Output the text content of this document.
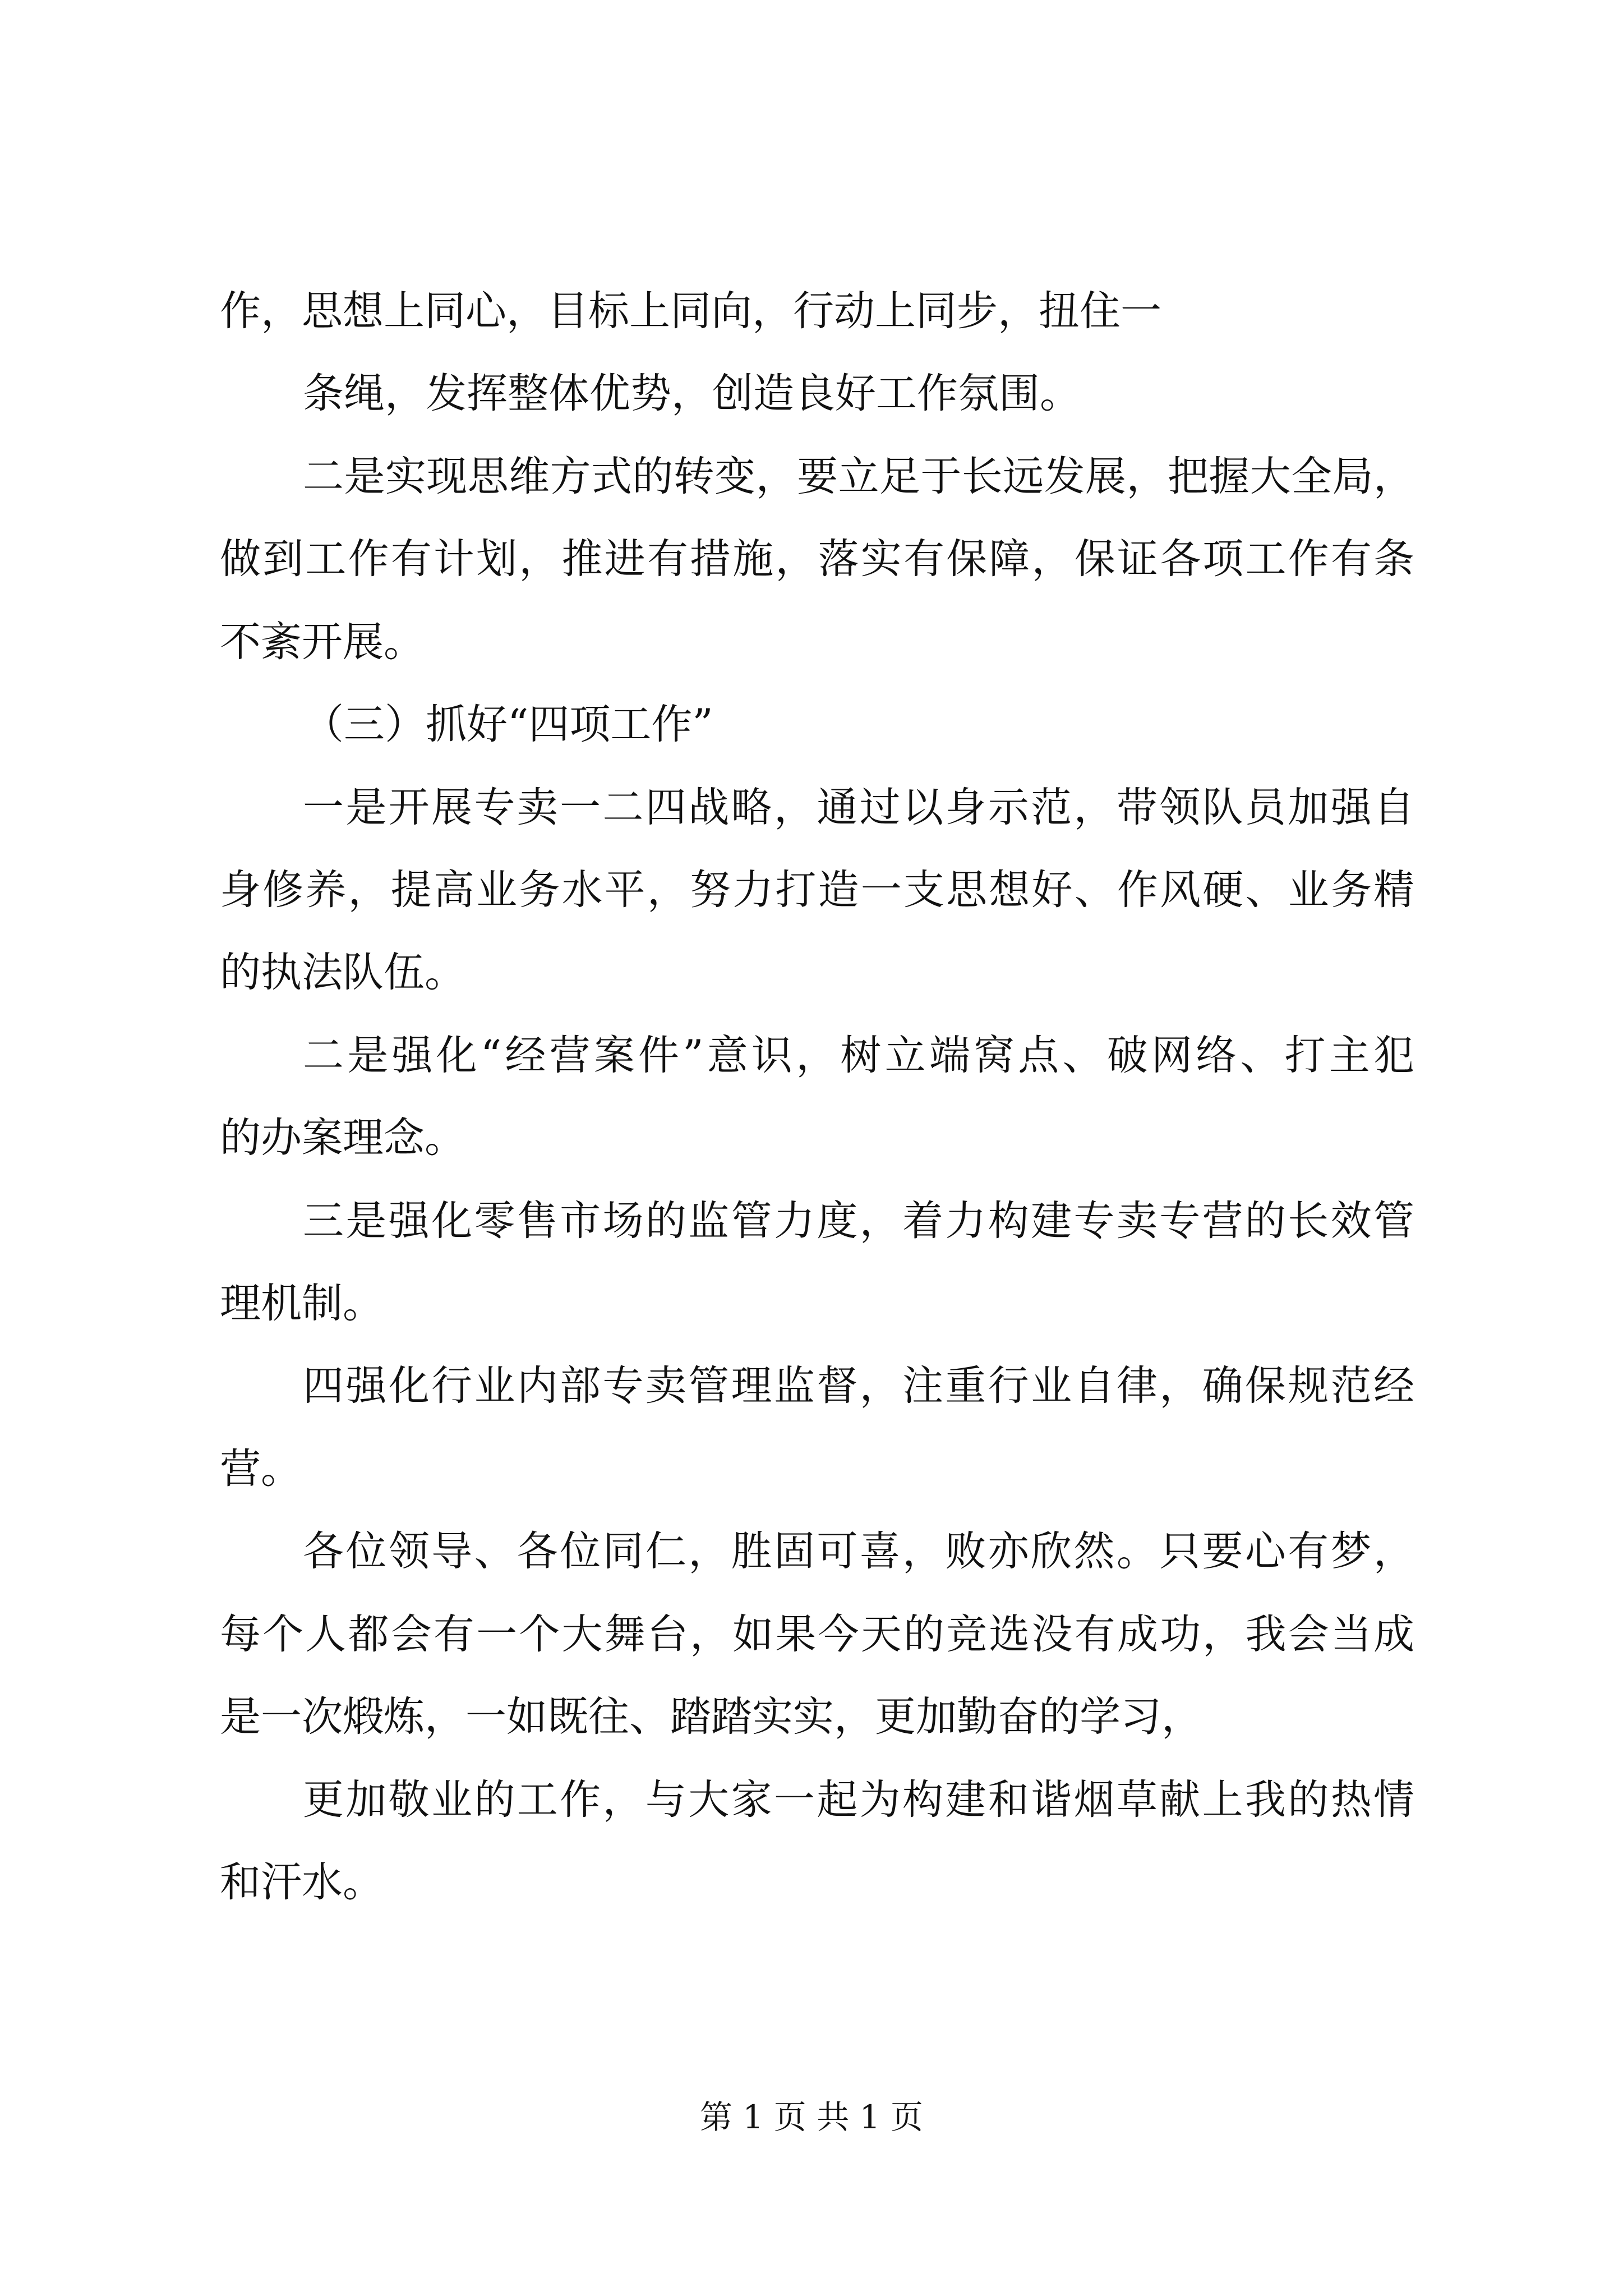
作，思想上同心，目标上同向，行动上同步，扭住一
条绳，发挥整体优势，创造良好工作氛围。
二是实现思维方式的转变，要立足于长远发展，把握大全局，
做到工作有计划，推进有措施，落实有保障，保证各项工作有条
不紊开展。
（三）抓好“四项工作”
一是开展专卖一二四战略，通过以身示范，带领队员加强自
身修养，提高业务水平，努力打造一支思想好、作风硬、业务精
的执法队伍。
二是强化“经营案件”意识，树立端窝点、破网络、打主犯
的办案理念。
三是强化零售市场的监管力度，着力构建专卖专营的长效管
理机制。
四强化行业内部专卖管理监督，注重行业自律，确保规范经
营。
各位领导、各位同仁，胜固可喜，败亦欣然。只要心有梦，
每个人都会有一个大舞台，如果今天的竞选没有成功，我会当成
是一次煅炼，一如既往、踏踏实实，更加勤奋的学习，
更加敬业的工作，与大家一起为构建和谐烟草献上我的热情
和汗水。
第 1 页 共 1 页
